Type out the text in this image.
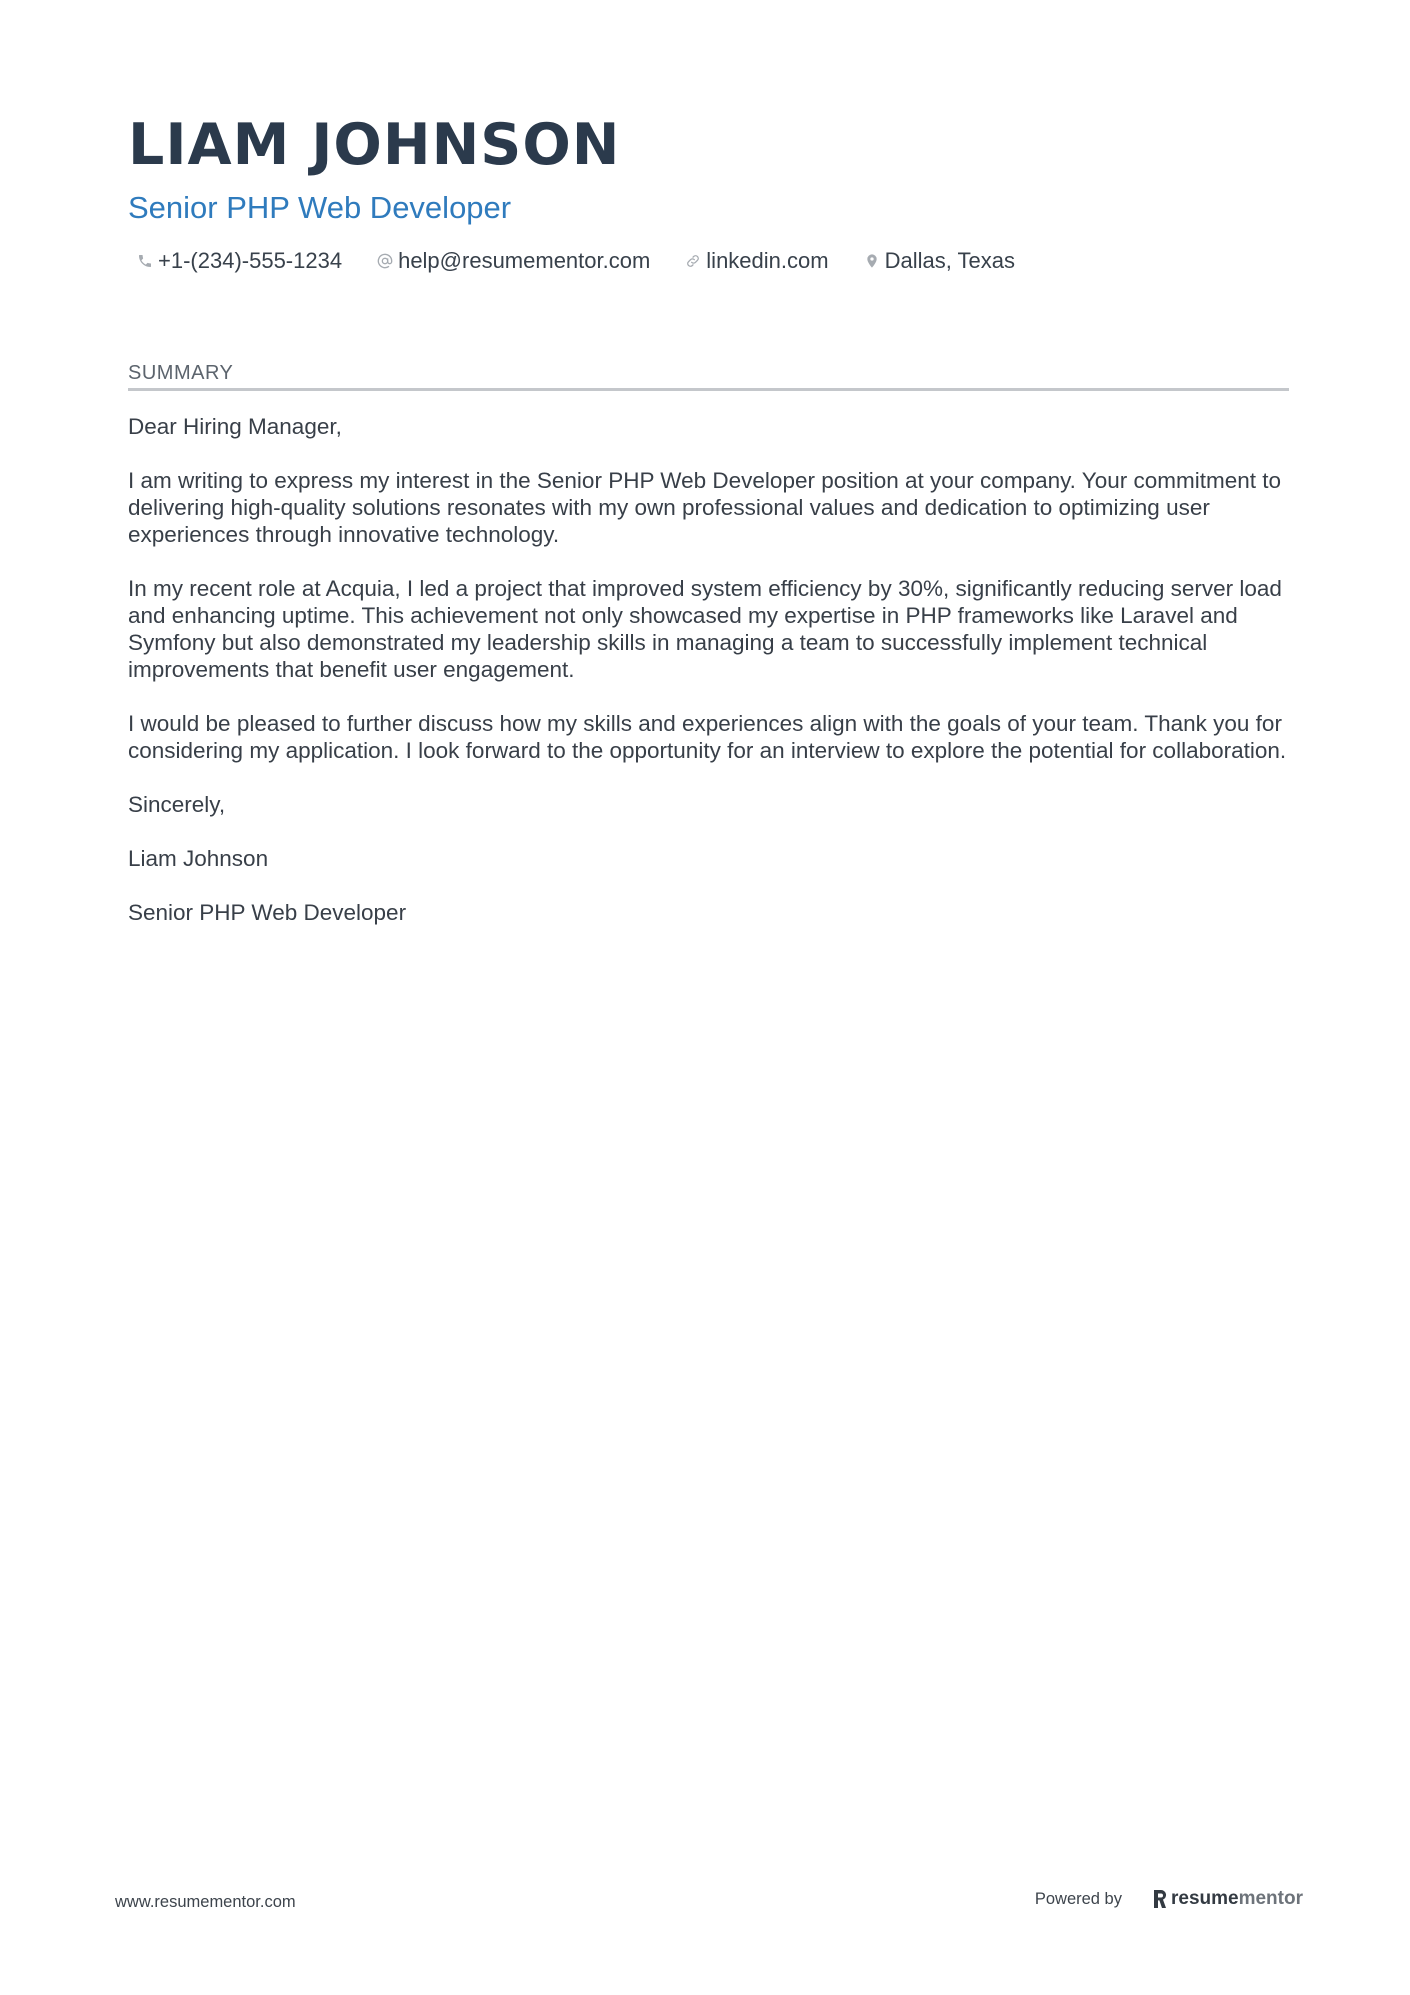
LIAM JOHNSON
Senior PHP Web Developer
+1-(234)-555-1234	help@resumementor.com	linkedin.com	Dallas, Texas
SUMMARY

Dear Hiring Manager,

I am writing to express my interest in the Senior PHP Web Developer position at your company. Your commitment to delivering high-quality solutions resonates with my own professional values and dedication to optimizing user experiences through innovative technology.

In my recent role at Acquia, I led a project that improved system efficiency by 30%, significantly reducing server load and enhancing uptime. This achievement not only showcased my expertise in PHP frameworks like Laravel and Symfony but also demonstrated my leadership skills in managing a team to successfully implement technical improvements that benefit user engagement.

I would be pleased to further discuss how my skills and experiences align with the goals of your team. Thank you for considering my application. I look forward to the opportunity for an interview to explore the potential for collaboration.

Sincerely,

Liam Johnson

Senior PHP Web Developer

www.resumementor.com	Powered by	resume mentor
